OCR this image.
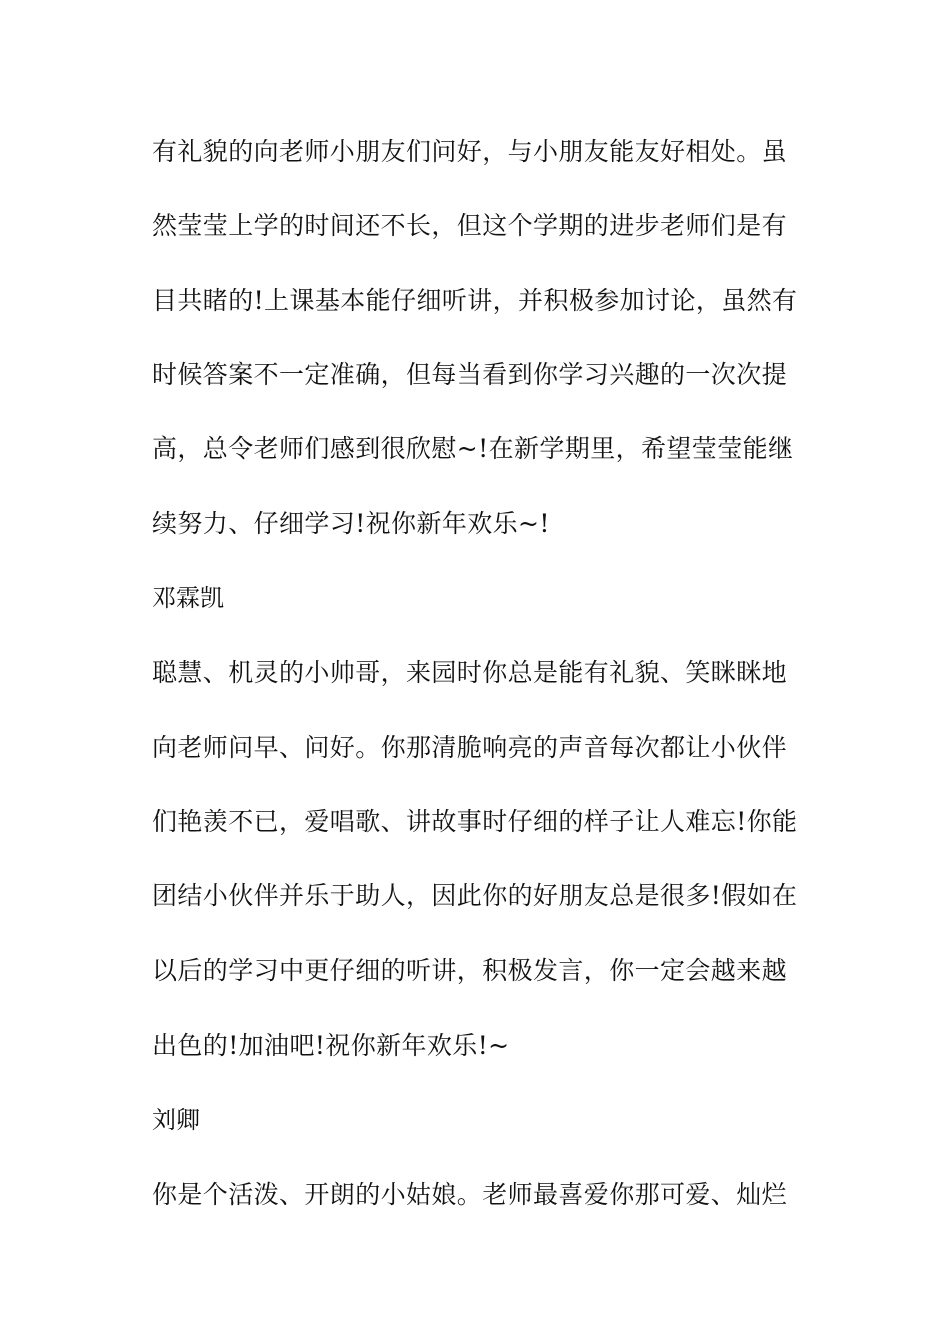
有礼貌的向老师小朋友们问好，与小朋友能友好相处。虽
然莹莹上学的时间还不长，但这个学期的进步老师们是有
目共睹的!上课基本能仔细听讲，并积极参加讨论，虽然有
时候答案不一定准确，但每当看到你学习兴趣的一次次提
高，总令老师们感到很欣慰~!在新学期里，希望莹莹能继
续努力、仔细学习!祝你新年欢乐~!
邓霖凯
聪慧、机灵的小帅哥，来园时你总是能有礼貌、笑眯眯地
向老师问早、问好。你那清脆响亮的声音每次都让小伙伴
们艳羡不已，爱唱歌、讲故事时仔细的样子让人难忘!你能
团结小伙伴并乐于助人，因此你的好朋友总是很多!假如在
以后的学习中更仔细的听讲，积极发言，你一定会越来越
出色的!加油吧!祝你新年欢乐!~
刘卿
你是个活泼、开朗的小姑娘。老师最喜爱你那可爱、灿烂
